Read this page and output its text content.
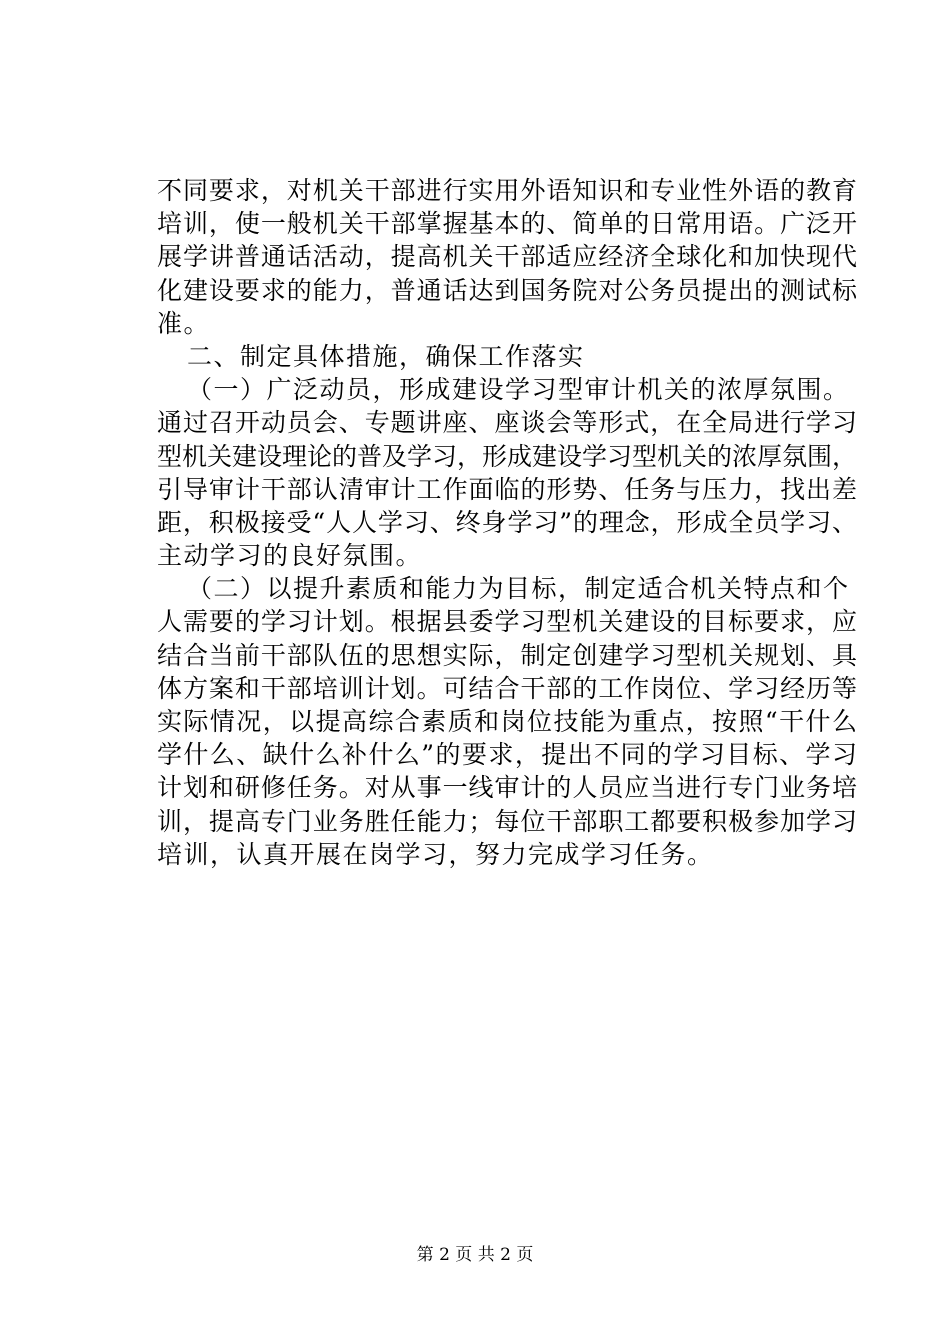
不同要求，对机关干部进行实用外语知识和专业性外语的教育
培训，使一般机关干部掌握基本的、简单的日常用语。广泛开
展学讲普通话活动，提高机关干部适应经济全球化和加快现代
化建设要求的能力，普通话达到国务院对公务员提出的测试标
准。
二、制定具体措施，确保工作落实
（一）广泛动员，形成建设学习型审计机关的浓厚氛围。
通过召开动员会、专题讲座、座谈会等形式，在全局进行学习
型机关建设理论的普及学习，形成建设学习型机关的浓厚氛围，
引导审计干部认清审计工作面临的形势、任务与压力，找出差
距，积极接受“人人学习、终身学习”的理念，形成全员学习、
主动学习的良好氛围。
（二）以提升素质和能力为目标，制定适合机关特点和个
人需要的学习计划。根据县委学习型机关建设的目标要求，应
结合当前干部队伍的思想实际，制定创建学习型机关规划、具
体方案和干部培训计划。可结合干部的工作岗位、学习经历等
实际情况，以提高综合素质和岗位技能为重点，按照“干什么
学什么、缺什么补什么”的要求，提出不同的学习目标、学习
计划和研修任务。对从事一线审计的人员应当进行专门业务培
训，提高专门业务胜任能力；每位干部职工都要积极参加学习
培训，认真开展在岗学习，努力完成学习任务。
第 2 页 共 2 页
